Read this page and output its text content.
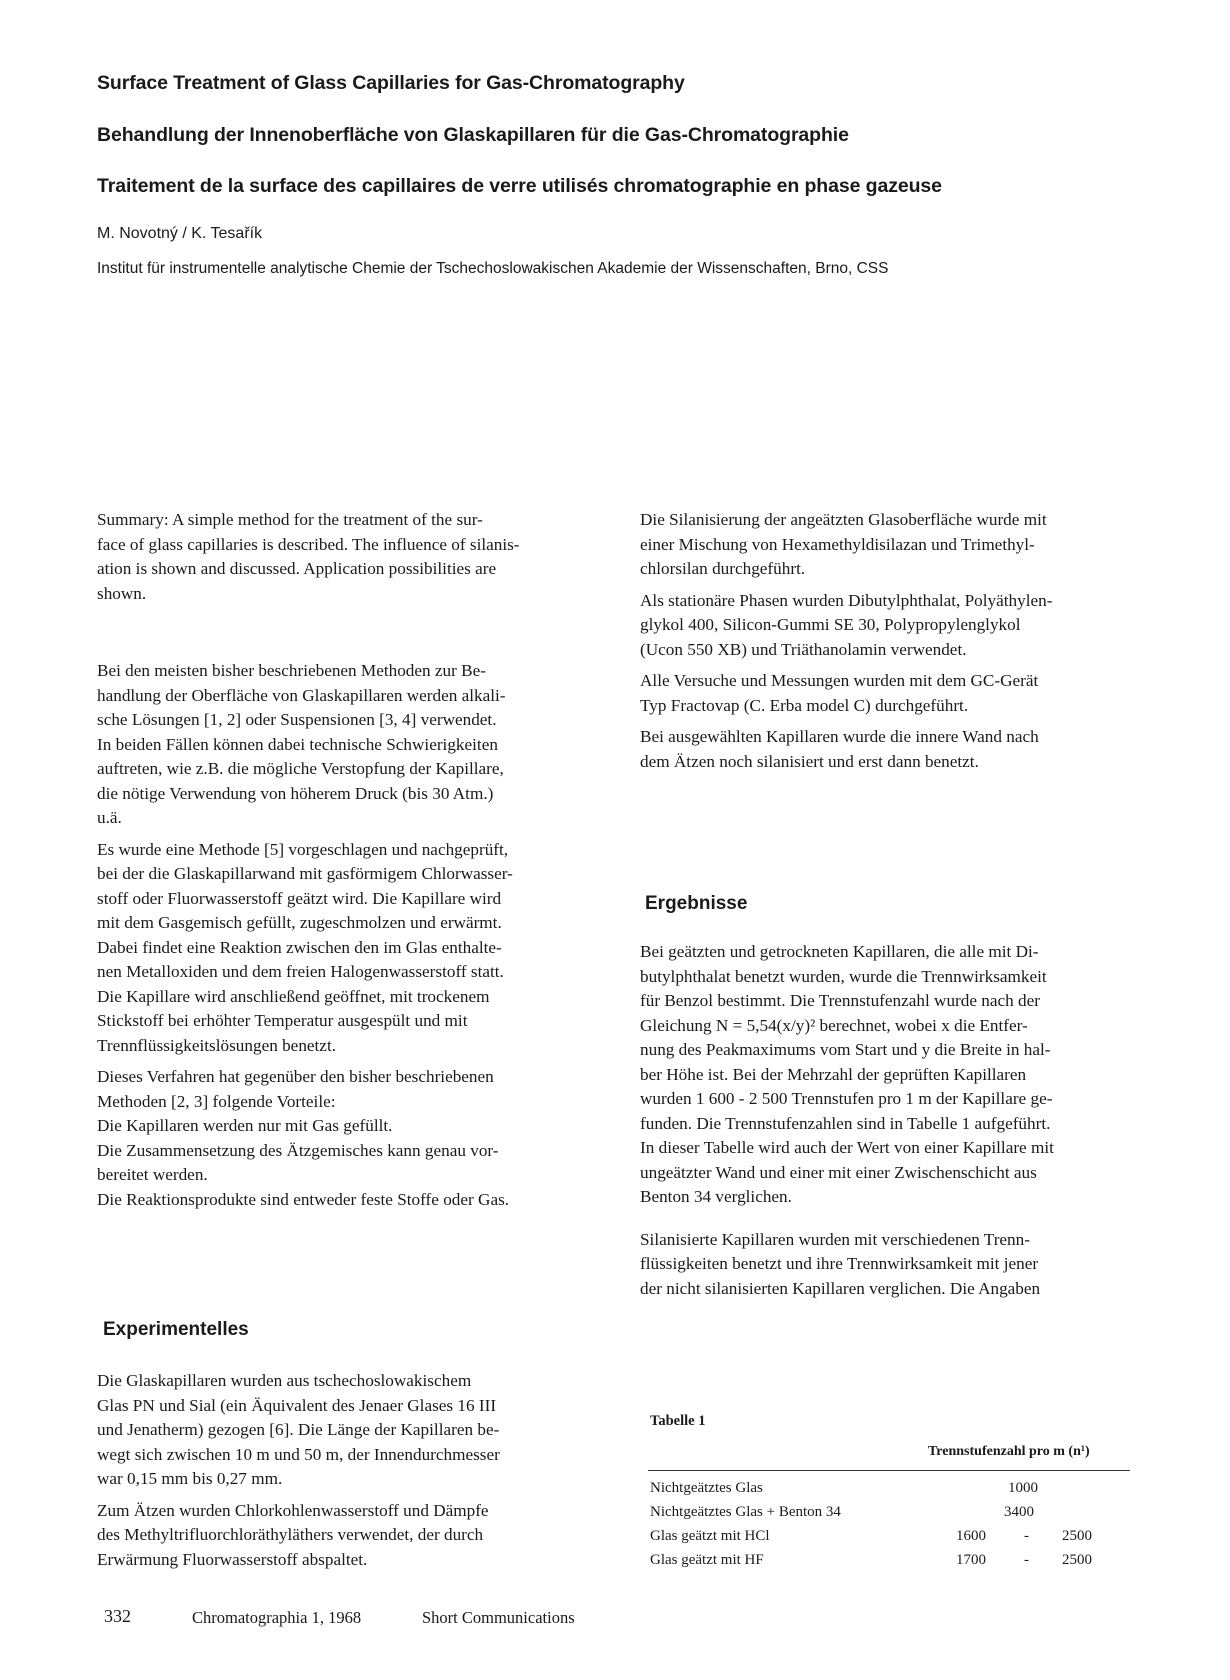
Surface Treatment of Glass Capillaries for Gas-Chromatography
Behandlung der Innenoberfläche von Glaskapillaren für die Gas-Chromatographie
Traitement de la surface des capillaires de verre utilisés chromatographie en phase gazeuse
M. Novotný / K. Tesařík
Institut für instrumentelle analytische Chemie der Tschechoslowakischen Akademie der Wissenschaften, Brno, CSS
Summary: A simple method for the treatment of the sur-
face of glass capillaries is described. The influence of silanis-
ation is shown and discussed. Application possibilities are
shown.

Bei den meisten bisher beschriebenen Methoden zur Be-
handlung der Oberfläche von Glaskapillaren werden alkali-
sche Lösungen [1, 2] oder Suspensionen [3, 4] verwendet.
In beiden Fällen können dabei technische Schwierigkeiten
auftreten, wie z.B. die mögliche Verstopfung der Kapillare,
die nötige Verwendung von höherem Druck (bis 30 Atm.)
u.ä.

Es wurde eine Methode [5] vorgeschlagen und nachgeprüft,
bei der die Glaskapillarwand mit gasförmigem Chlorwasser-
stoff oder Fluorwasserstoff geätzt wird. Die Kapillare wird
mit dem Gasgemisch gefüllt, zugeschmolzen und erwärmt.
Dabei findet eine Reaktion zwischen den im Glas enthalte-
nen Metalloxiden und dem freien Halogenwasserstoff statt.
Die Kapillare wird anschließend geöffnet, mit trockenem
Stickstoff bei erhöhter Temperatur ausgespült und mit
Trennflüssigkeitslösungen benetzt.

Dieses Verfahren hat gegenüber den bisher beschriebenen
Methoden [2, 3] folgende Vorteile:
Die Kapillaren werden nur mit Gas gefüllt.
Die Zusammensetzung des Ätzgemisches kann genau vor-
bereitet werden.
Die Reaktionsprodukte sind entweder feste Stoffe oder Gas.

Experimentelles

Die Glaskapillaren wurden aus tschechoslowakischem
Glas PN und Sial (ein Äquivalent des Jenaer Glases 16 III
und Jenatherm) gezogen [6]. Die Länge der Kapillaren be-
wegt sich zwischen 10 m und 50 m, der Innendurchmesser
war 0,15 mm bis 0,27 mm.

Zum Ätzen wurden Chlorkohlenwasserstoff und Dämpfe
des Methyltrifluorchloräthyläthers verwendet, der durch
Erwärmung Fluorwasserstoff abspaltet.

Die Silanisierung der angeätzten Glasoberfläche wurde mit
einer Mischung von Hexamethyldisilazan und Trimethyl-
chlorsilan durchgeführt.

Als stationäre Phasen wurden Dibutylphthalat, Polyäthylen-
glykol 400, Silicon-Gummi SE 30, Polypropylenglykol
(Ucon 550 XB) und Triäthanolamin verwendet.

Alle Versuche und Messungen wurden mit dem GC-Gerät
Typ Fractovap (C. Erba model C) durchgeführt.

Bei ausgewählten Kapillaren wurde die innere Wand nach
dem Ätzen noch silanisiert und erst dann benetzt.

Ergebnisse

Bei geätzten und getrockneten Kapillaren, die alle mit Di-
butylphthalat benetzt wurden, wurde die Trennwirksamkeit
für Benzol bestimmt. Die Trennstufenzahl wurde nach der
Gleichung N = 5,54(x/y)² berechnet, wobei x die Entfer-
nung des Peakmaximums vom Start und y die Breite in hal-
ber Höhe ist. Bei der Mehrzahl der geprüften Kapillaren
wurden 1 600 - 2 500 Trennstufen pro 1 m der Kapillare ge-
funden. Die Trennstufenzahlen sind in Tabelle 1 aufgeführt.
In dieser Tabelle wird auch der Wert von einer Kapillare mit
ungeätzter Wand und einer mit einer Zwischenschicht aus
Benton 34 verglichen.

Silanisierte Kapillaren wurden mit verschiedenen Trenn-
flüssigkeiten benetzt und ihre Trennwirksamkeit mit jener
der nicht silanisierten Kapillaren verglichen. Die Angaben

Tabelle 1
Trennstufenzahl pro m (n¹)
Nichtgeätztes Glas	1000
Nichtgeätztes Glas + Benton 34	3400
Glas geätzt mit HCl	1600	- 2500
Glas geätzt mit HF	1700	- 2500
332	Chromatographia 1, 1968	Short Communications
